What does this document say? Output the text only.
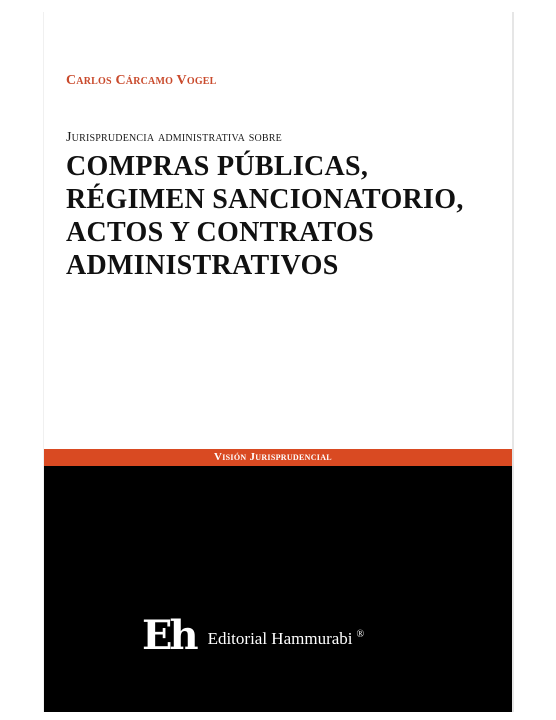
Carlos Cárcamo Vogel
Jurisprudencia administrativa sobre
COMPRAS PÚBLICAS,
RÉGIMEN SANCIONATORIO,
ACTOS Y CONTRATOS
ADMINISTRATIVOS
Visión Jurisprudencial
Eh Editorial Hammurabi ®
